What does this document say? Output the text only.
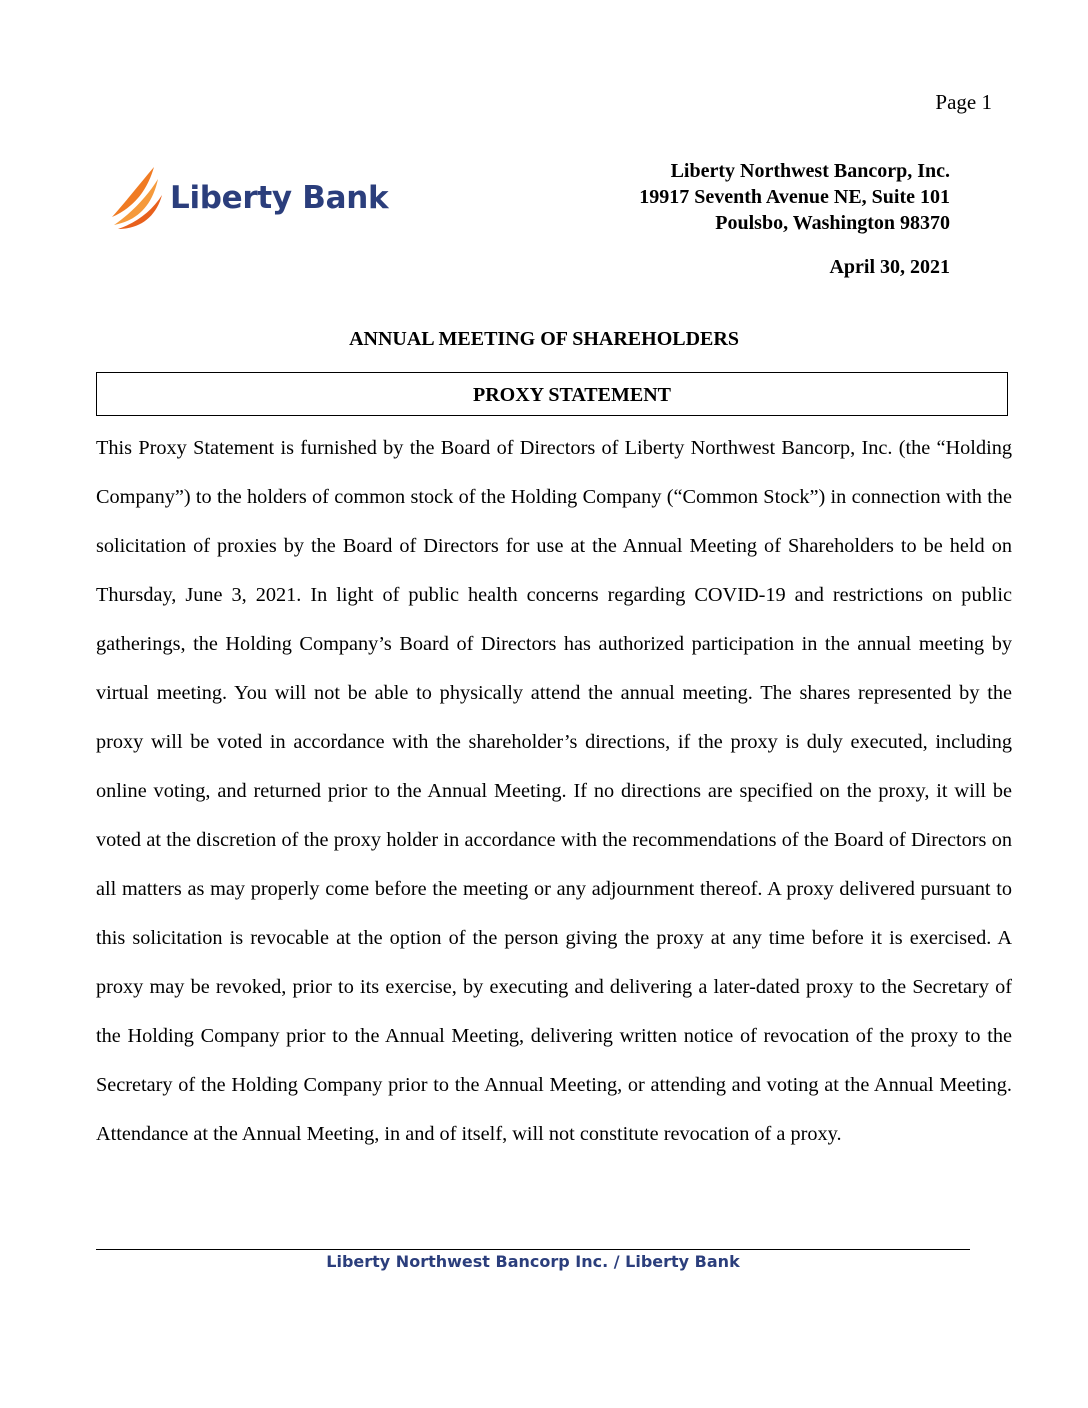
Page 1
Liberty Bank
Liberty Northwest Bancorp, Inc.
19917 Seventh Avenue NE, Suite 101
Poulsbo, Washington 98370
April 30, 2021
ANNUAL MEETING OF SHAREHOLDERS
PROXY STATEMENT

This Proxy Statement is furnished by the Board of Directors of Liberty Northwest Bancorp, Inc. (the “Holding Company”) to the holders of common stock of the Holding Company (“Common Stock”) in connection with the solicitation of proxies by the Board of Directors for use at the Annual Meeting of Shareholders to be held on Thursday, June 3, 2021. In light of public health concerns regarding COVID-19 and restrictions on public gatherings, the Holding Company’s Board of Directors has authorized participation in the annual meeting by virtual meeting. You will not be able to physically attend the annual meeting. The shares represented by the proxy will be voted in accordance with the shareholder’s directions, if the proxy is duly executed, including online voting, and returned prior to the Annual Meeting. If no directions are specified on the proxy, it will be voted at the discretion of the proxy holder in accordance with the recommendations of the Board of Directors on all matters as may properly come before the meeting or any adjournment thereof. A proxy delivered pursuant to this solicitation is revocable at the option of the person giving the proxy at any time before it is exercised. A proxy may be revoked, prior to its exercise, by executing and delivering a later-dated proxy to the Secretary of the Holding Company prior to the Annual Meeting, delivering written notice of revocation of the proxy to the Secretary of the Holding Company prior to the Annual Meeting, or attending and voting at the Annual Meeting. Attendance at the Annual Meeting, in and of itself, will not constitute revocation of a proxy.

Liberty Northwest Bancorp Inc. / Liberty Bank
